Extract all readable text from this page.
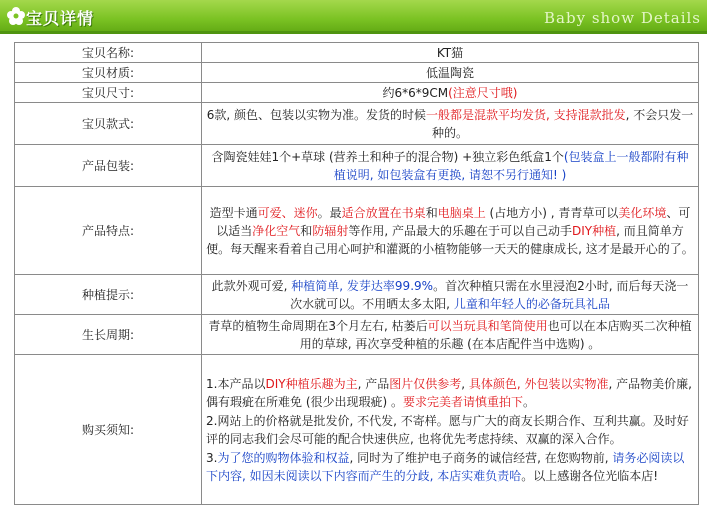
宝贝详情	Baby show Details
宝贝名称:	KT猫
宝贝材质:	低温陶瓷
宝贝尺寸:	约6*6*9CM(注意尺寸哦)
宝贝款式:	6款, 颜色、包装以实物为准。发货的时候一般都是混款平均发货, 支持混款批发, 不会只发一种的。
产品包装:	含陶瓷娃娃1个+草球 (营养土和种子的混合物) +独立彩色纸盒1个(包装盒上一般都附有种植说明, 如包装盒有更换, 请恕不另行通知! )
产品特点:	造型卡通可爱、迷你。最适合放置在书桌和电脑桌上 (占地方小) , 青青草可以美化环境、可以适当净化空气和防辐射等作用, 产品最大的乐趣在于可以自己动手DIY种植, 而且简单方便。每天醒来看着自己用心呵护和灌溉的小植物能够一天天的健康成长, 这才是最开心的了。
种植提示:	此款外观可爱, 种植简单, 发芽达率99.9%。首次种植只需在水里浸泡2小时, 而后每天浇一次水就可以。不用晒太多太阳, 儿童和年轻人的必备玩具礼品
生长周期:	青草的植物生命周期在3个月左右, 枯萎后可以当玩具和笔筒使用也可以在本店购买二次种植用的草球, 再次享受种植的乐趣 (在本店配件当中选购) 。
购买须知:	1.本产品以DIY种植乐趣为主, 产品图片仅供参考, 具体颜色, 外包装以实物准, 产品物美价廉, 偶有瑕疵在所难免 (很少出现瑕疵) 。要求完美者请慎重拍下。
2.网站上的价格就是批发价, 不代发, 不寄样。愿与广大的商友长期合作、互利共赢。及时好评的同志我们会尽可能的配合快速供应, 也将优先考虑持续、双赢的深入合作。
3.为了您的购物体验和权益, 同时为了维护电子商务的诚信经营, 在您购物前, 请务必阅读以下内容, 如因未阅读以下内容而产生的分歧, 本店实难负责哈。以上感谢各位光临本店!
